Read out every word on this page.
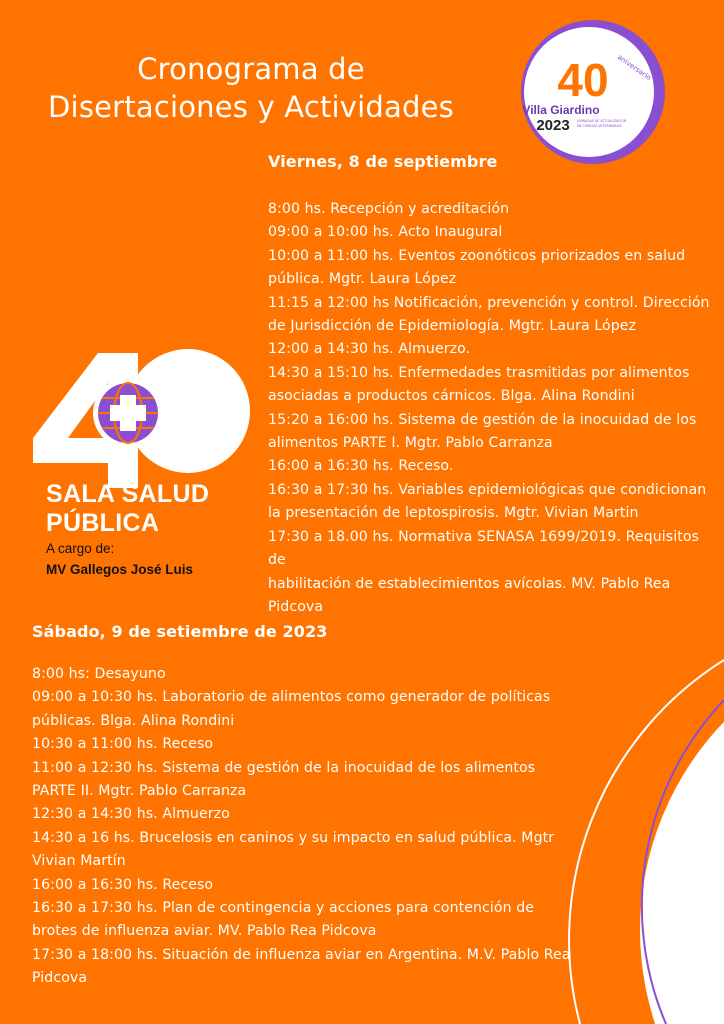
Cronograma de
Disertaciones y Actividades
40 aniversario
Villa Giardino
2023	JORNADAS DE ACTUALIZACIÓN
EN CIENCIAS VETERINARIAS
Viernes, 8 de septiembre
8:00 hs. Recepción y acreditación
09:00 a 10:00 hs. Acto Inaugural
10:00 a 11:00 hs. Eventos zoonóticos priorizados en salud
pública. Mgtr. Laura López
11:15 a 12:00 hs Notificación, prevención y control. Dirección
de Jurisdicción de Epidemiología. Mgtr. Laura López
12:00 a 14:30 hs. Almuerzo.
14:30 a 15:10 hs. Enfermedades trasmitidas por alimentos
asociadas a productos cárnicos. Blga. Alina Rondini
15:20 a 16:00 hs. Sistema de gestión de la inocuidad de los
alimentos PARTE I. Mgtr. Pablo Carranza
16:00 a 16:30 hs. Receso.
16:30 a 17:30 hs. Variables epidemiológicas que condicionan
la presentación de leptospirosis. Mgtr. Vivian Martin
17:30 a 18.00 hs. Normativa SENASA 1699/2019. Requisitos de
habilitación de establecimientos avícolas. MV. Pablo Rea
Pidcova
SALA SALUD
PÚBLICA
A cargo de:
MV Gallegos José Luis
Sábado, 9 de setiembre de 2023
8:00 hs: Desayuno
09:00 a 10:30 hs. Laboratorio de alimentos como generador de políticas
públicas. Blga. Alina Rondini
10:30 a 11:00 hs. Receso
11:00 a 12:30 hs. Sistema de gestión de la inocuidad de los alimentos
PARTE II. Mgtr. Pablo Carranza
12:30 a 14:30 hs. Almuerzo
14:30 a 16 hs. Brucelosis en caninos y su impacto en salud pública. Mgtr
Vivian Martín
16:00 a 16:30 hs. Receso
16:30 a 17:30 hs. Plan de contingencia y acciones para contención de
brotes de influenza aviar. MV. Pablo Rea Pidcova
17:30 a 18:00 hs. Situación de influenza aviar en Argentina. M.V. Pablo Rea
Pidcova
